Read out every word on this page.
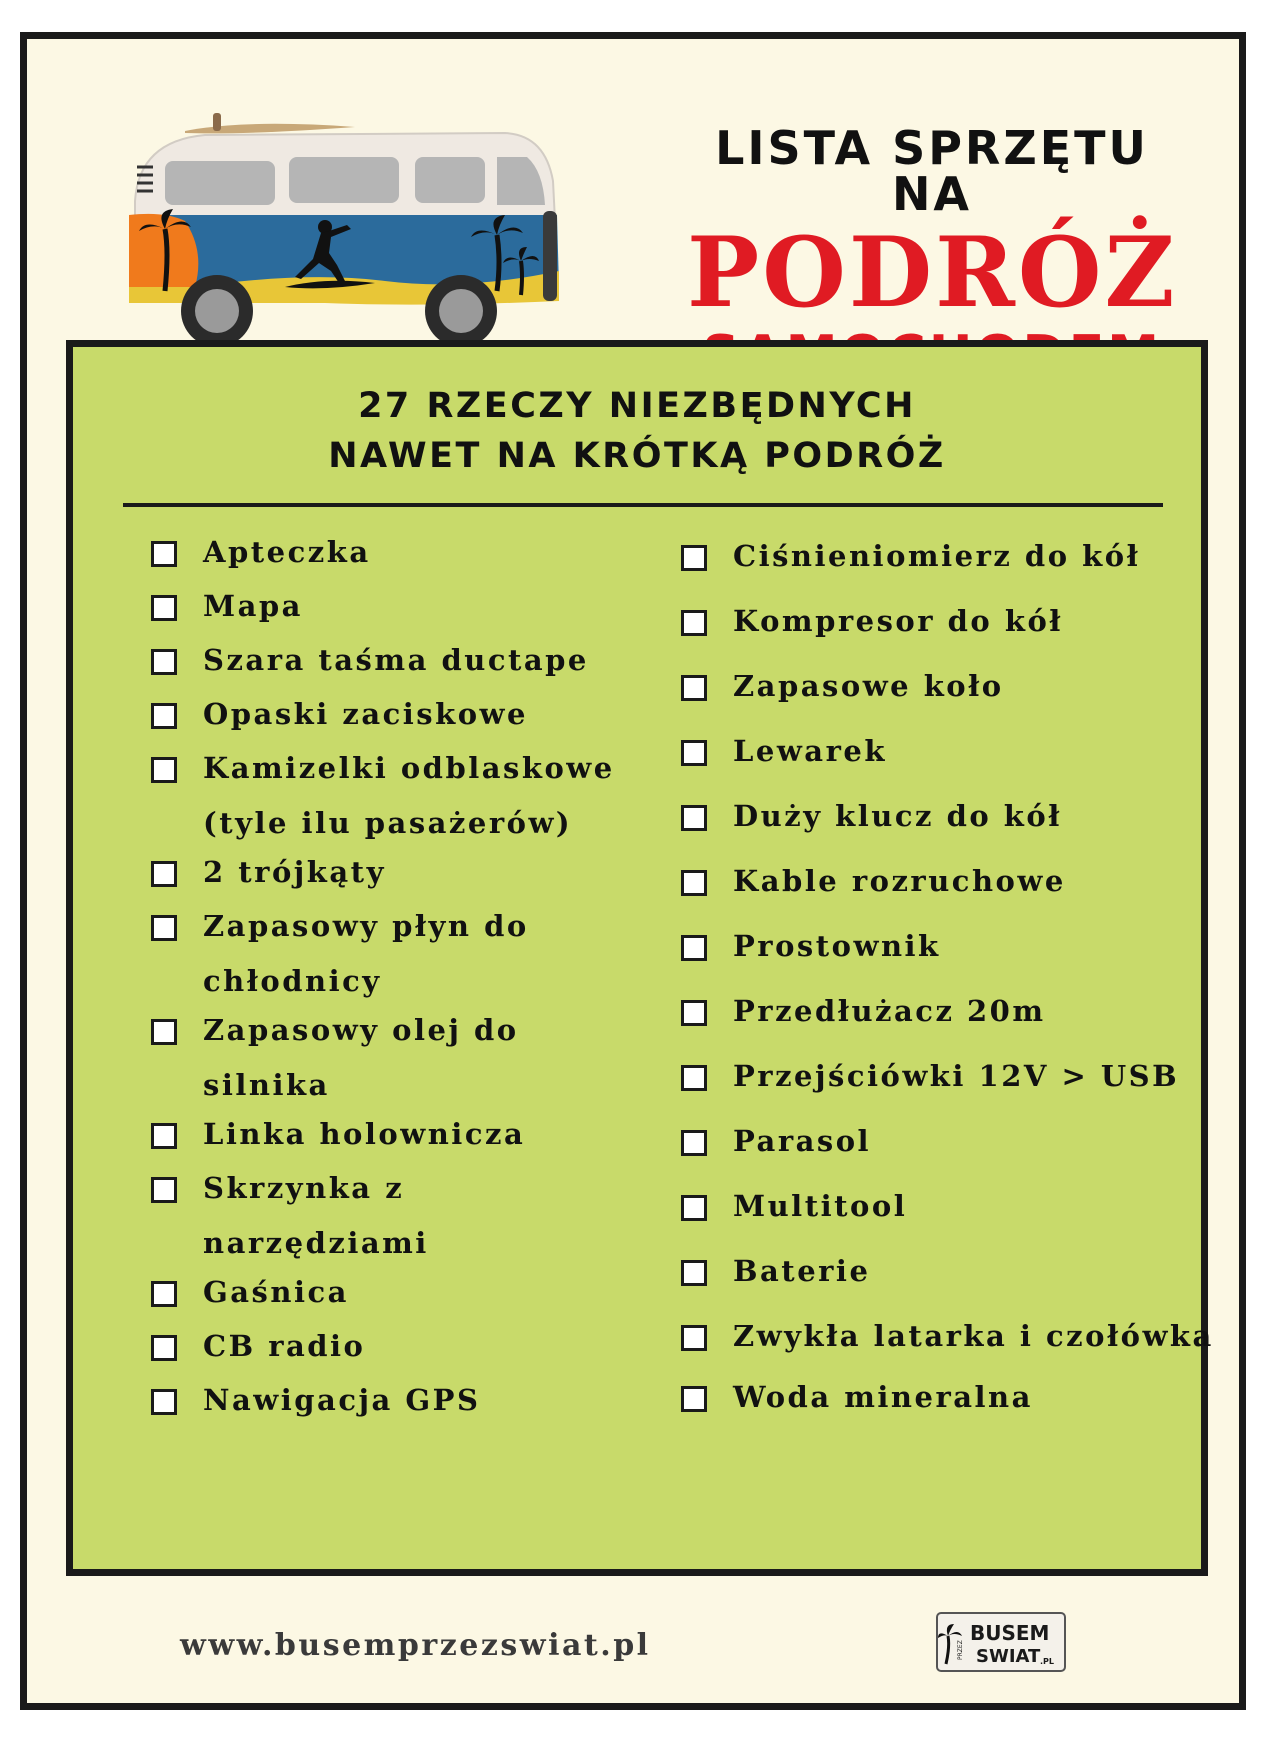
LISTA SPRZĘTU NA
PODRÓŻ
27 RZECZY NIEZBĘDNYCH
NAWET NA KRÓTKĄ PODRÓŻ
Apteczka
Mapa
Szara taśma ductape
Opaski zaciskowe
Kamizelki odblaskowe
(tyle ilu pasażerów)
2 trójkąty
Zapasowy płyn do
chłodnicy
Zapasowy olej do
silnika
Linka holownicza
Skrzynka z
narzędziami
Gaśnica
CB radio
Nawigacja GPS
Ciśnieniomierz do kół
Kompresor do kół
Zapasowe koło
Lewarek
Duży klucz do kół
Kable rozruchowe
Prostownik
Przedłużacz 20m
Przejściówki 12V > USB
Parasol
Multitool
Baterie
Zwykła latarka i czołówka
Woda mineralna
www.busemprzezswiat.pl	BUSEM
PRZEZ SWIAT .PL
